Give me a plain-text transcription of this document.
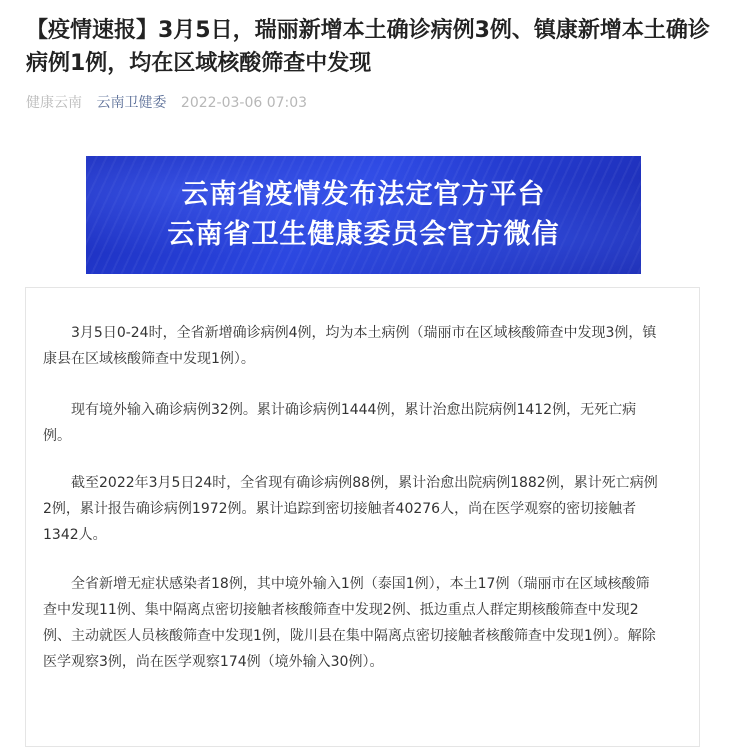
【疫情速报】3月5日，瑞丽新增本土确诊病例3例、镇康新增本土确诊病例1例，均在区域核酸筛查中发现
健康云南 云南卫健委 2022-03-06 07:03
云南省疫情发布法定官方平台
云南省卫生健康委员会官方微信

3月5日0-24时，全省新增确诊病例4例，均为本土病例（瑞丽市在区域核酸筛查中发现3例，镇康县在区域核酸筛查中发现1例）。

现有境外输入确诊病例32例。累计确诊病例1444例，累计治愈出院病例1412例，无死亡病例。

截至2022年3月5日24时，全省现有确诊病例88例，累计治愈出院病例1882例，累计死亡病例2例，累计报告确诊病例1972例。累计追踪到密切接触者40276人，尚在医学观察的密切接触者1342人。

全省新增无症状感染者18例，其中境外输入1例（泰国1例），本土17例（瑞丽市在区域核酸筛查中发现11例、集中隔离点密切接触者核酸筛查中发现2例、抵边重点人群定期核酸筛查中发现2例、主动就医人员核酸筛查中发现1例，陇川县在集中隔离点密切接触者核酸筛查中发现1例）。解除医学观察3例，尚在医学观察174例（境外输入30例）。
